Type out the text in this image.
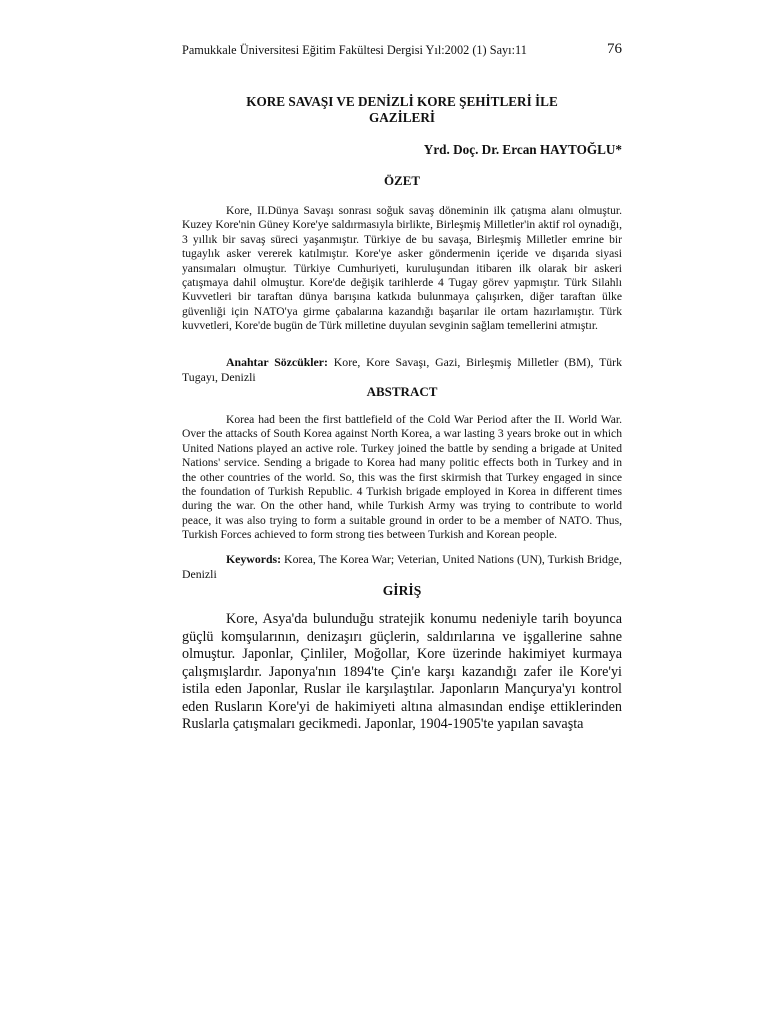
Pamukkale Üniversitesi Eğitim Fakültesi Dergisi Yıl:2002 (1) Sayı:11	76
KORE SAVAŞI VE DENİZLİ KORE ŞEHİTLERİ İLE
GAZİLERİ
Yrd. Doç. Dr. Ercan HAYTOĞLU*
ÖZET

Kore, II.Dünya Savaşı sonrası soğuk savaş döneminin ilk çatışma alanı olmuştur. Kuzey Kore'nin Güney Kore'ye saldırmasıyla birlikte, Birleşmiş Milletler'in aktif rol oynadığı, 3 yıllık bir savaş süreci yaşanmıştır. Türkiye de bu savaşa, Birleşmiş Milletler emrine bir tugaylık asker vererek katılmıştır. Kore'ye asker göndermenin içeride ve dışarıda siyasi yansımaları olmuştur. Türkiye Cumhuriyeti, kuruluşundan itibaren ilk olarak bir askeri çatışmaya dahil olmuştur. Kore'de değişik tarihlerde 4 Tugay görev yapmıştır. Türk Silahlı Kuvvetleri bir taraftan dünya barışına katkıda bulunmaya çalışırken, diğer taraftan ülke güvenliği için NATO'ya girme çabalarına kazandığı başarılar ile ortam hazırlamıştır. Türk kuvvetleri, Kore'de bugün de Türk milletine duyulan sevginin sağlam temellerini atmıştır.

Anahtar Sözcükler: Kore, Kore Savaşı, Gazi, Birleşmiş Milletler (BM), Türk Tugayı, Denizli

ABSTRACT

Korea had been the first battlefield of the Cold War Period after the II. World War. Over the attacks of South Korea against North Korea, a war lasting 3 years broke out in which United Nations played an active role. Turkey joined the battle by sending a brigade at United Nations' service. Sending a brigade to Korea had many politic effects both in Turkey and in the other countries of the world. So, this was the first skirmish that Turkey engaged in since the foundation of Turkish Republic. 4 Turkish brigade employed in Korea in different times during the war. On the other hand, while Turkish Army was trying to contribute to world peace, it was also trying to form a suitable ground in order to be a member of NATO. Thus, Turkish Forces achieved to form strong ties between Turkish and Korean people.

Keywords: Korea, The Korea War; Veterian, United Nations (UN), Turkish Bridge, Denizli

GİRİŞ

Kore, Asya'da bulunduğu stratejik konumu nedeniyle tarih boyunca güçlü komşularının, denizaşırı güçlerin, saldırılarına ve işgallerine sahne olmuştur. Japonlar, Çinliler, Moğollar, Kore üzerinde hakimiyet kurmaya çalışmışlardır. Japonya'nın 1894'te Çin'e karşı kazandığı zafer ile Kore'yi istila eden Japonlar, Ruslar ile karşılaştılar. Japonların Mançurya'yı kontrol eden Rusların Kore'yi de hakimiyeti altına almasından endişe ettiklerinden Ruslarla çatışmaları gecikmedi. Japonlar, 1904-1905'te yapılan savaşta
